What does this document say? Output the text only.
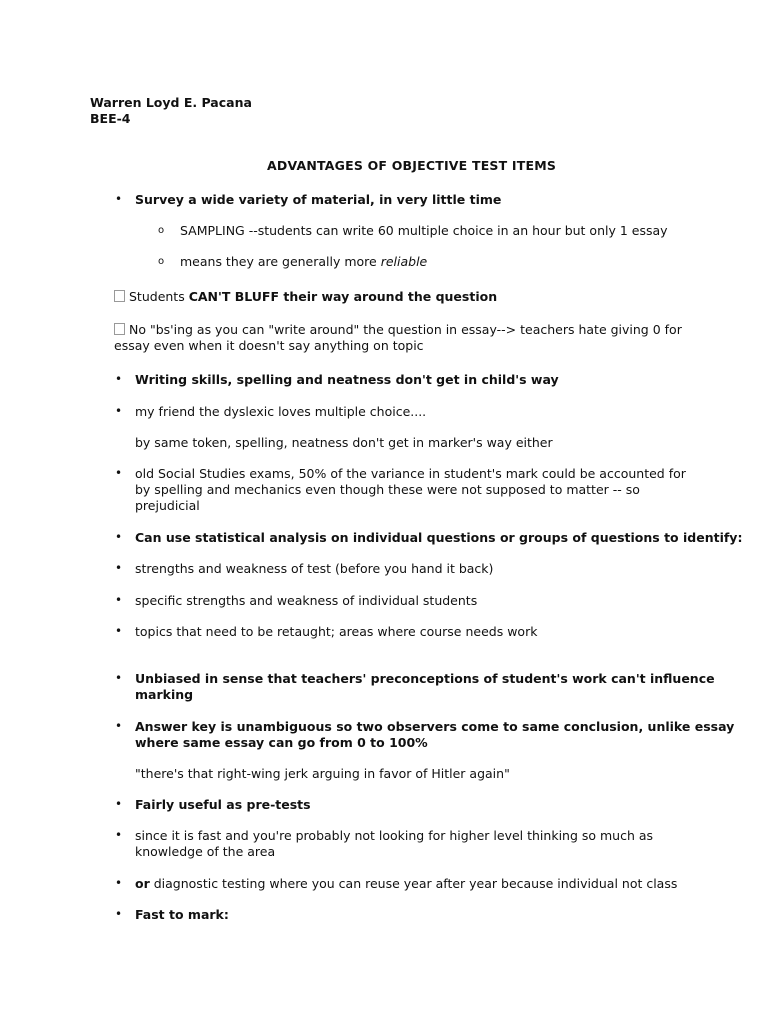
Warren Loyd E. Pacana
BEE-4
ADVANTAGES OF OBJECTIVE TEST ITEMS
• Survey a wide variety of material, in very little time
o SAMPLING --students can write 60 multiple choice in an hour but only 1 essay
o means they are generally more reliable
Students CAN'T BLUFF their way around the question
No "bs'ing as you can "write around" the question in essay--> teachers hate giving 0 for
essay even when it doesn't say anything on topic
• Writing skills, spelling and neatness don't get in child's way
• my friend the dyslexic loves multiple choice....
by same token, spelling, neatness don't get in marker's way either
• old Social Studies exams, 50% of the variance in student's mark could be accounted for
by spelling and mechanics even though these were not supposed to matter -- so
prejudicial
• Can use statistical analysis on individual questions or groups of questions to identify:
• strengths and weakness of test (before you hand it back)
• specific strengths and weakness of individual students
• topics that need to be retaught; areas where course needs work
• Unbiased in sense that teachers' preconceptions of student's work can't influence
marking
• Answer key is unambiguous so two observers come to same conclusion, unlike essay
where same essay can go from 0 to 100%
"there's that right-wing jerk arguing in favor of Hitler again"
• Fairly useful as pre-tests
• since it is fast and you're probably not looking for higher level thinking so much as
knowledge of the area
• or diagnostic testing where you can reuse year after year because individual not class
• Fast to mark:
